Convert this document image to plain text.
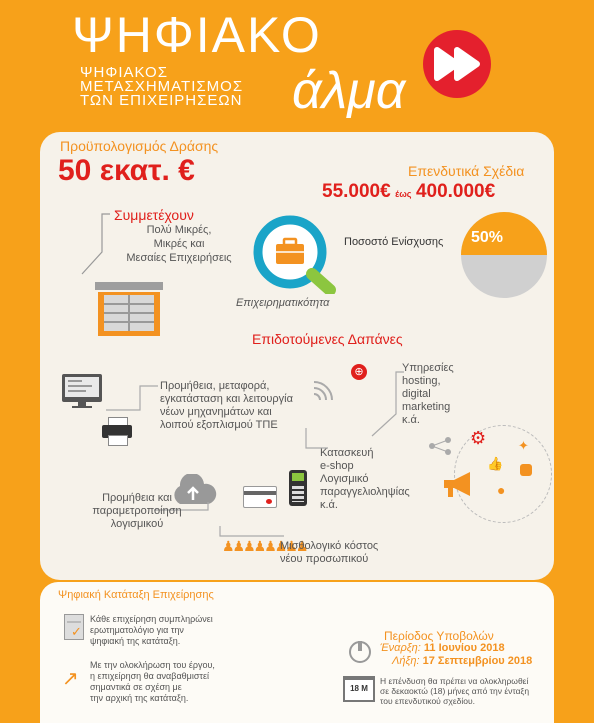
ΨΗΦΙΑΚΟ
ΨΗΦΙΑΚΟΣ
ΜΕΤΑΣΧΗΜΑΤΙΣΜΟΣ
ΤΩΝ ΕΠΙΧΕΙΡΗΣΕΩΝ άλμα
Προϋπολογισμός Δράσης
50 εκατ. €	Επενδυτικά Σχέδια
55.000€ έως 400.000€
Συμμετέχουν
Πολύ Μικρές,
Μικρές και
Μεσαίες Επιχειρήσεις
Επιχειρηματικότητα
Ποσοστό Ενίσχυσης 50%
Επιδοτούμενες Δαπάνες
Προμήθεια, μεταφορά,
εγκατάσταση και λειτουργία
νέων μηχανημάτων και
λοιπού εξοπλισμού ΤΠΕ
⊕	Υπηρεσίες
hosting,
digital
marketing
κ.ά.
⚙
👍
✦
●
Κατασκευή
e-shop
Λογισμικό
παραγγελιοληψίας
κ.ά.
Προμήθεια και
παραμετροποίηση
λογισμικού
♟♟♟♟♟♟♟♟
Μισθολογικό κόστος
νέου προσωπικού
Ψηφιακή Κατάταξη Επιχείρησης
✓
↗
Κάθε επιχείρηση συμπληρώνει
ερωτηματολόγιο για την
ψηφιακή της κατάταξη.
Με την ολοκλήρωση του έργου,
η επιχείρηση θα αναβαθμιστεί
σημαντικά σε σχέση με
την αρχική της κατάταξη.
Περίοδος Υποβολών
Έναρξη: 11 Ιουνίου 2018
Λήξη: 17 Σεπτεμβρίου 2018
18 Μ
Η επένδυση θα πρέπει να ολοκληρωθεί
σε δεκαοκτώ (18) μήνες από την ένταξη
του επενδυτικού σχεδίου.
